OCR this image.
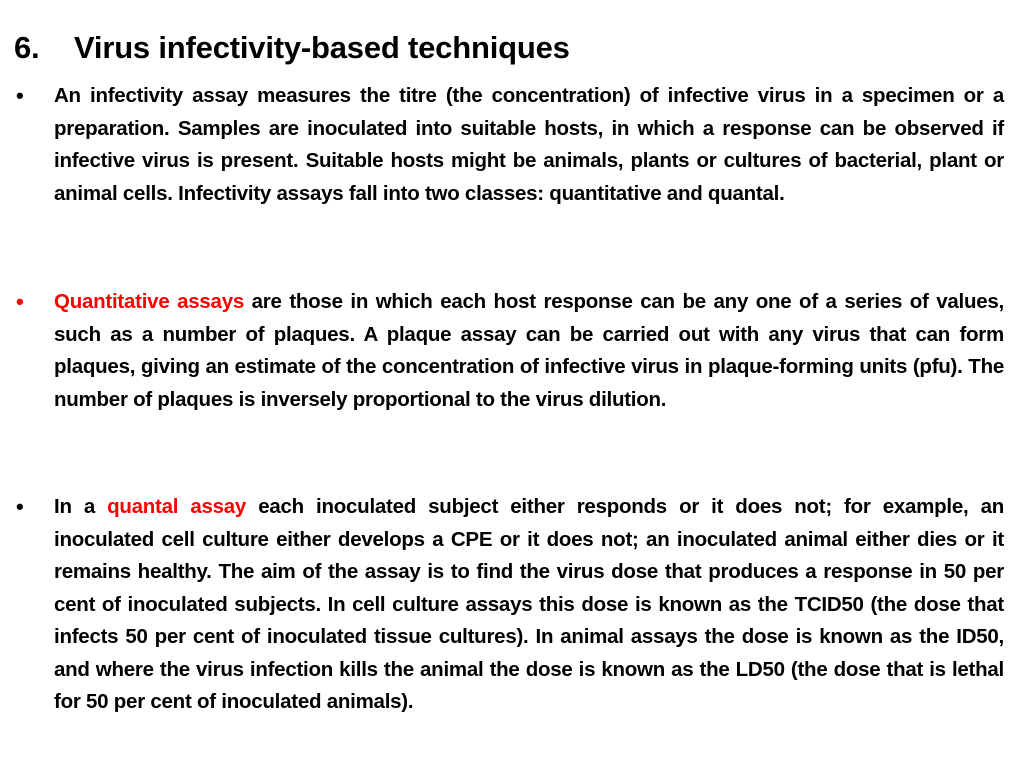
6.	Virus infectivity-based techniques
•	An infectivity assay measures the titre (the concentration) of infective virus in a specimen or a preparation. Samples are inoculated into suitable hosts, in which a response can be observed if infective virus is present. Suitable hosts might be animals, plants or cultures of bacterial, plant or animal cells. Infectivity assays fall into two classes: quantitative and quantal.
•	Quantitative assays are those in which each host response can be any one of a series of values, such as a number of plaques. A plaque assay can be carried out with any virus that can form plaques, giving an estimate of the concentration of infective virus in plaque-forming units (pfu). The number of plaques is inversely proportional to the virus dilution.
•	In a quantal assay each inoculated subject either responds or it does not; for example, an inoculated cell culture either develops a CPE or it does not; an inoculated animal either dies or it remains healthy. The aim of the assay is to find the virus dose that produces a response in 50 per cent of inoculated subjects. In cell culture assays this dose is known as the TCID50 (the dose that infects 50 per cent of inoculated tissue cultures). In animal assays the dose is known as the ID50, and where the virus infection kills the animal the dose is known as the LD50 (the dose that is lethal for 50 per cent of inoculated animals).
